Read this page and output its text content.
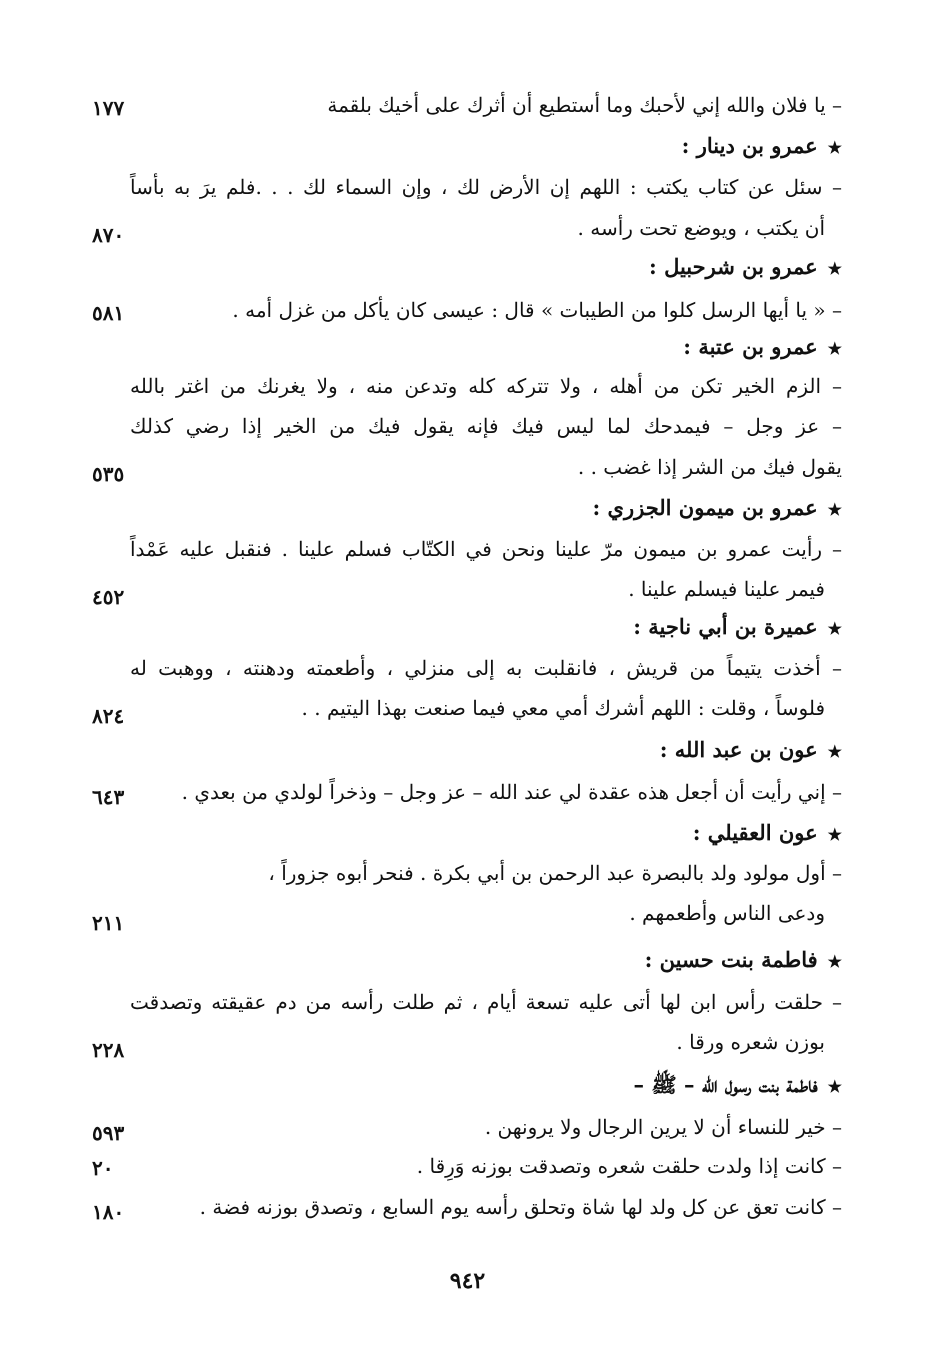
– يا فلان والله إني لأحبك وما أستطيع أن أثرك على أخيك بلقمة
١٧٧
★عمرو بن دينار :
– سئل عن كتاب يكتب : اللهم إن الأرض لك ، وإن السماء لك . . .فلم يرَ به بأساً
أن يكتب ، ويوضع تحت رأسه .
٨٧٠
★عمرو بن شرحبيل :
– « يا أيها الرسل كلوا من الطيبات » قال : عيسى كان يأكل من غزل أمه .
٥٨١
★عمرو بن عتبة :
– الزم الخير تكن من أهله ، ولا تتركه كله وتدعن منه ، ولا يغرنك من اغتر بالله
– عز وجل – فيمدحك لما ليس فيك فإنه يقول فيك من الخير إذا رضي كذلك
يقول فيك من الشر إذا غضب . .
٥٣٥
★عمرو بن ميمون الجزري :
– رأيت عمرو بن ميمون مرّ علينا ونحن في الكتّاب فسلم علينا . فنقبل عليه عَمْداً
فيمر علينا فيسلم علينا .
٤٥٢
★عميرة بن أبي ناجية :
– أخذت يتيماً من قريش ، فانقلبت به إلى منزلي ، وأطعمته ودهنته ، ووهبت له
فلوساً ، وقلت : اللهم أشرك أمي معي فيما صنعت بهذا اليتيم . .
٨٢٤
★عون بن عبد الله :
– إني رأيت أن أجعل هذه عقدة لي عند الله – عز وجل – وذخراً لولدي من بعدي .
٦٤٣
★عون العقيلي :
– أول مولود ولد بالبصرة عبد الرحمن بن أبي بكرة . فنحر أبوه جزوراً ،
ودعى الناس وأطعمهم .
٢١١
★فاطمة بنت حسين :
– حلقت رأس ابن لها أتى عليه تسعة أيام ، ثم طلت رأسه من دم عقيقته وتصدقت
بوزن شعره ورقا .
٢٢٨
★فاطمة بنت رسول الله – ﷺ –
– خير للنساء أن لا يرين الرجال ولا يرونهن .
٥٩٣
– كانت إذا ولدت حلقت شعره وتصدقت بوزنه وَرِقا .
٢٠
– كانت تعق عن كل ولد لها شاة وتحلق رأسه يوم السابع ، وتصدق بوزنه فضة .
١٨٠
٩٤٢
